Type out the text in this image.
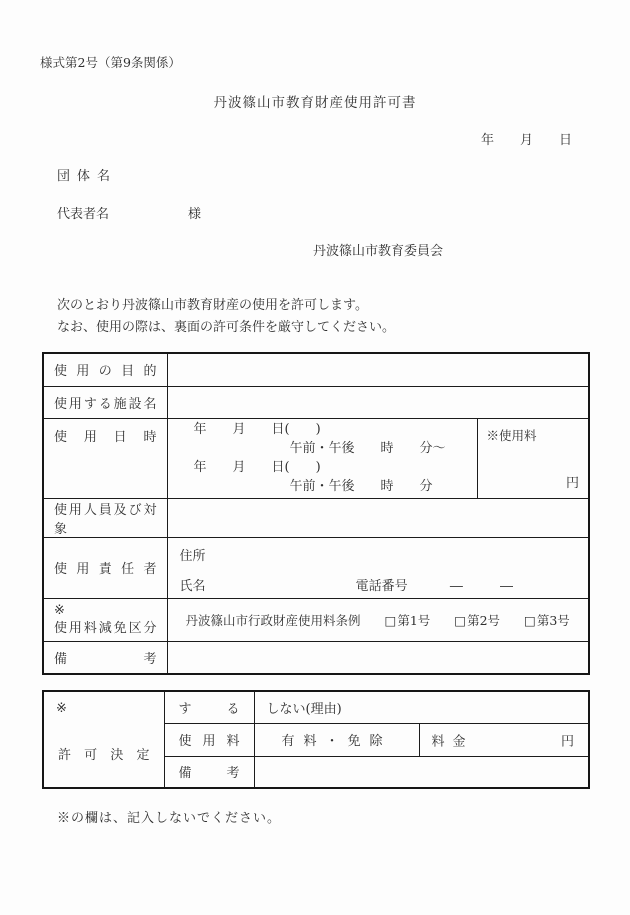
様式第2号（第9条関係）
丹波篠山市教育財産使用許可書
年　　月　　日
団体名
代表者名	様
丹波篠山市教育委員会
次のとおり丹波篠山市教育財産の使用を許可します。
なお、使用の際は、裏面の許可条件を厳守してください。
使用の目的		

使用する施設名		

使用日時	年　　月　　日(　　)
午前・午後　　時　　分～
年　　月　　日(　　)
午前・午後　　時　　分

※使用料
円

使用人員及び対象		

使用責任者	住所
氏名 電話番号 ― ―	

※
使用料減免区分	丹波篠山市行政財産使用料条例 □第1号 □第2号 □第3号	

備考		

※
許可決定	する	しない(理由)	

	使用料	有料・免除	料金 円

	備考		

※の欄は、記入しないでください。
